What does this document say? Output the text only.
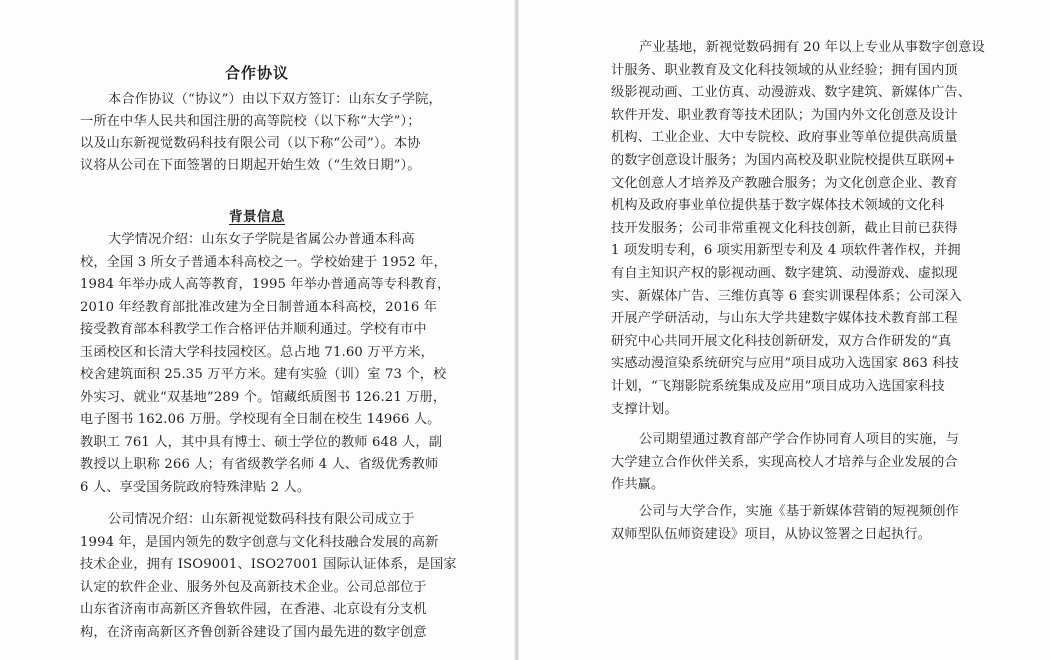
合作协议
本合作协议（“协议”）由以下双方签订：山东女子学院，
一所在中华人民共和国注册的高等院校（以下称“大学”）；
以及山东新视觉数码科技有限公司（以下称“公司”）。本协
议将从公司在下面签署的日期起开始生效（“生效日期”）。
背景信息
大学情况介绍：山东女子学院是省属公办普通本科高
校，全国 3 所女子普通本科高校之一。学校始建于 1952 年，
1984 年举办成人高等教育，1995 年举办普通高等专科教育，
2010 年经教育部批准改建为全日制普通本科高校，2016 年
接受教育部本科教学工作合格评估并顺利通过。学校有市中
玉函校区和长清大学科技园校区。总占地 71.60 万平方米，
校舍建筑面积 25.35 万平方米。建有实验（训）室 73 个，校
外实习、就业“双基地”289 个。馆藏纸质图书 126.21 万册，
电子图书 162.06 万册。学校现有全日制在校生 14966 人。
教职工 761 人，其中具有博士、硕士学位的教师 648 人，副
教授以上职称 266 人；有省级教学名师 4 人、省级优秀教师
6 人、享受国务院政府特殊津贴 2 人。
公司情况介绍：山东新视觉数码科技有限公司成立于
1994 年，是国内领先的数字创意与文化科技融合发展的高新
技术企业，拥有 ISO9001、ISO27001 国际认证体系，是国家
认定的软件企业、服务外包及高新技术企业。公司总部位于
山东省济南市高新区齐鲁软件园，在香港、北京设有分支机
构，在济南高新区齐鲁创新谷建设了国内最先进的数字创意
产业基地，新视觉数码拥有 20 年以上专业从事数字创意设
计服务、职业教育及文化科技领域的从业经验；拥有国内顶
级影视动画、工业仿真、动漫游戏、数字建筑、新媒体广告、
软件开发、职业教育等技术团队；为国内外文化创意及设计
机构、工业企业、大中专院校、政府事业等单位提供高质量
的数字创意设计服务；为国内高校及职业院校提供互联网+
文化创意人才培养及产教融合服务；为文化创意企业、教育
机构及政府事业单位提供基于数字媒体技术领域的文化科
技开发服务；公司非常重视文化科技创新，截止目前已获得
1 项发明专利，6 项实用新型专利及 4 项软件著作权，并拥
有自主知识产权的影视动画、数字建筑、动漫游戏、虚拟现
实、新媒体广告、三维仿真等 6 套实训课程体系；公司深入
开展产学研活动，与山东大学共建数字媒体技术教育部工程
研究中心共同开展文化科技创新研发，双方合作研发的“真
实感动漫渲染系统研究与应用”项目成功入选国家 863 科技
计划，“飞翔影院系统集成及应用”项目成功入选国家科技
支撑计划。
公司期望通过教育部产学合作协同育人项目的实施，与
大学建立合作伙伴关系，实现高校人才培养与企业发展的合
作共赢。
公司与大学合作，实施《基于新媒体营销的短视频创作
双师型队伍师资建设》项目，从协议签署之日起执行。
